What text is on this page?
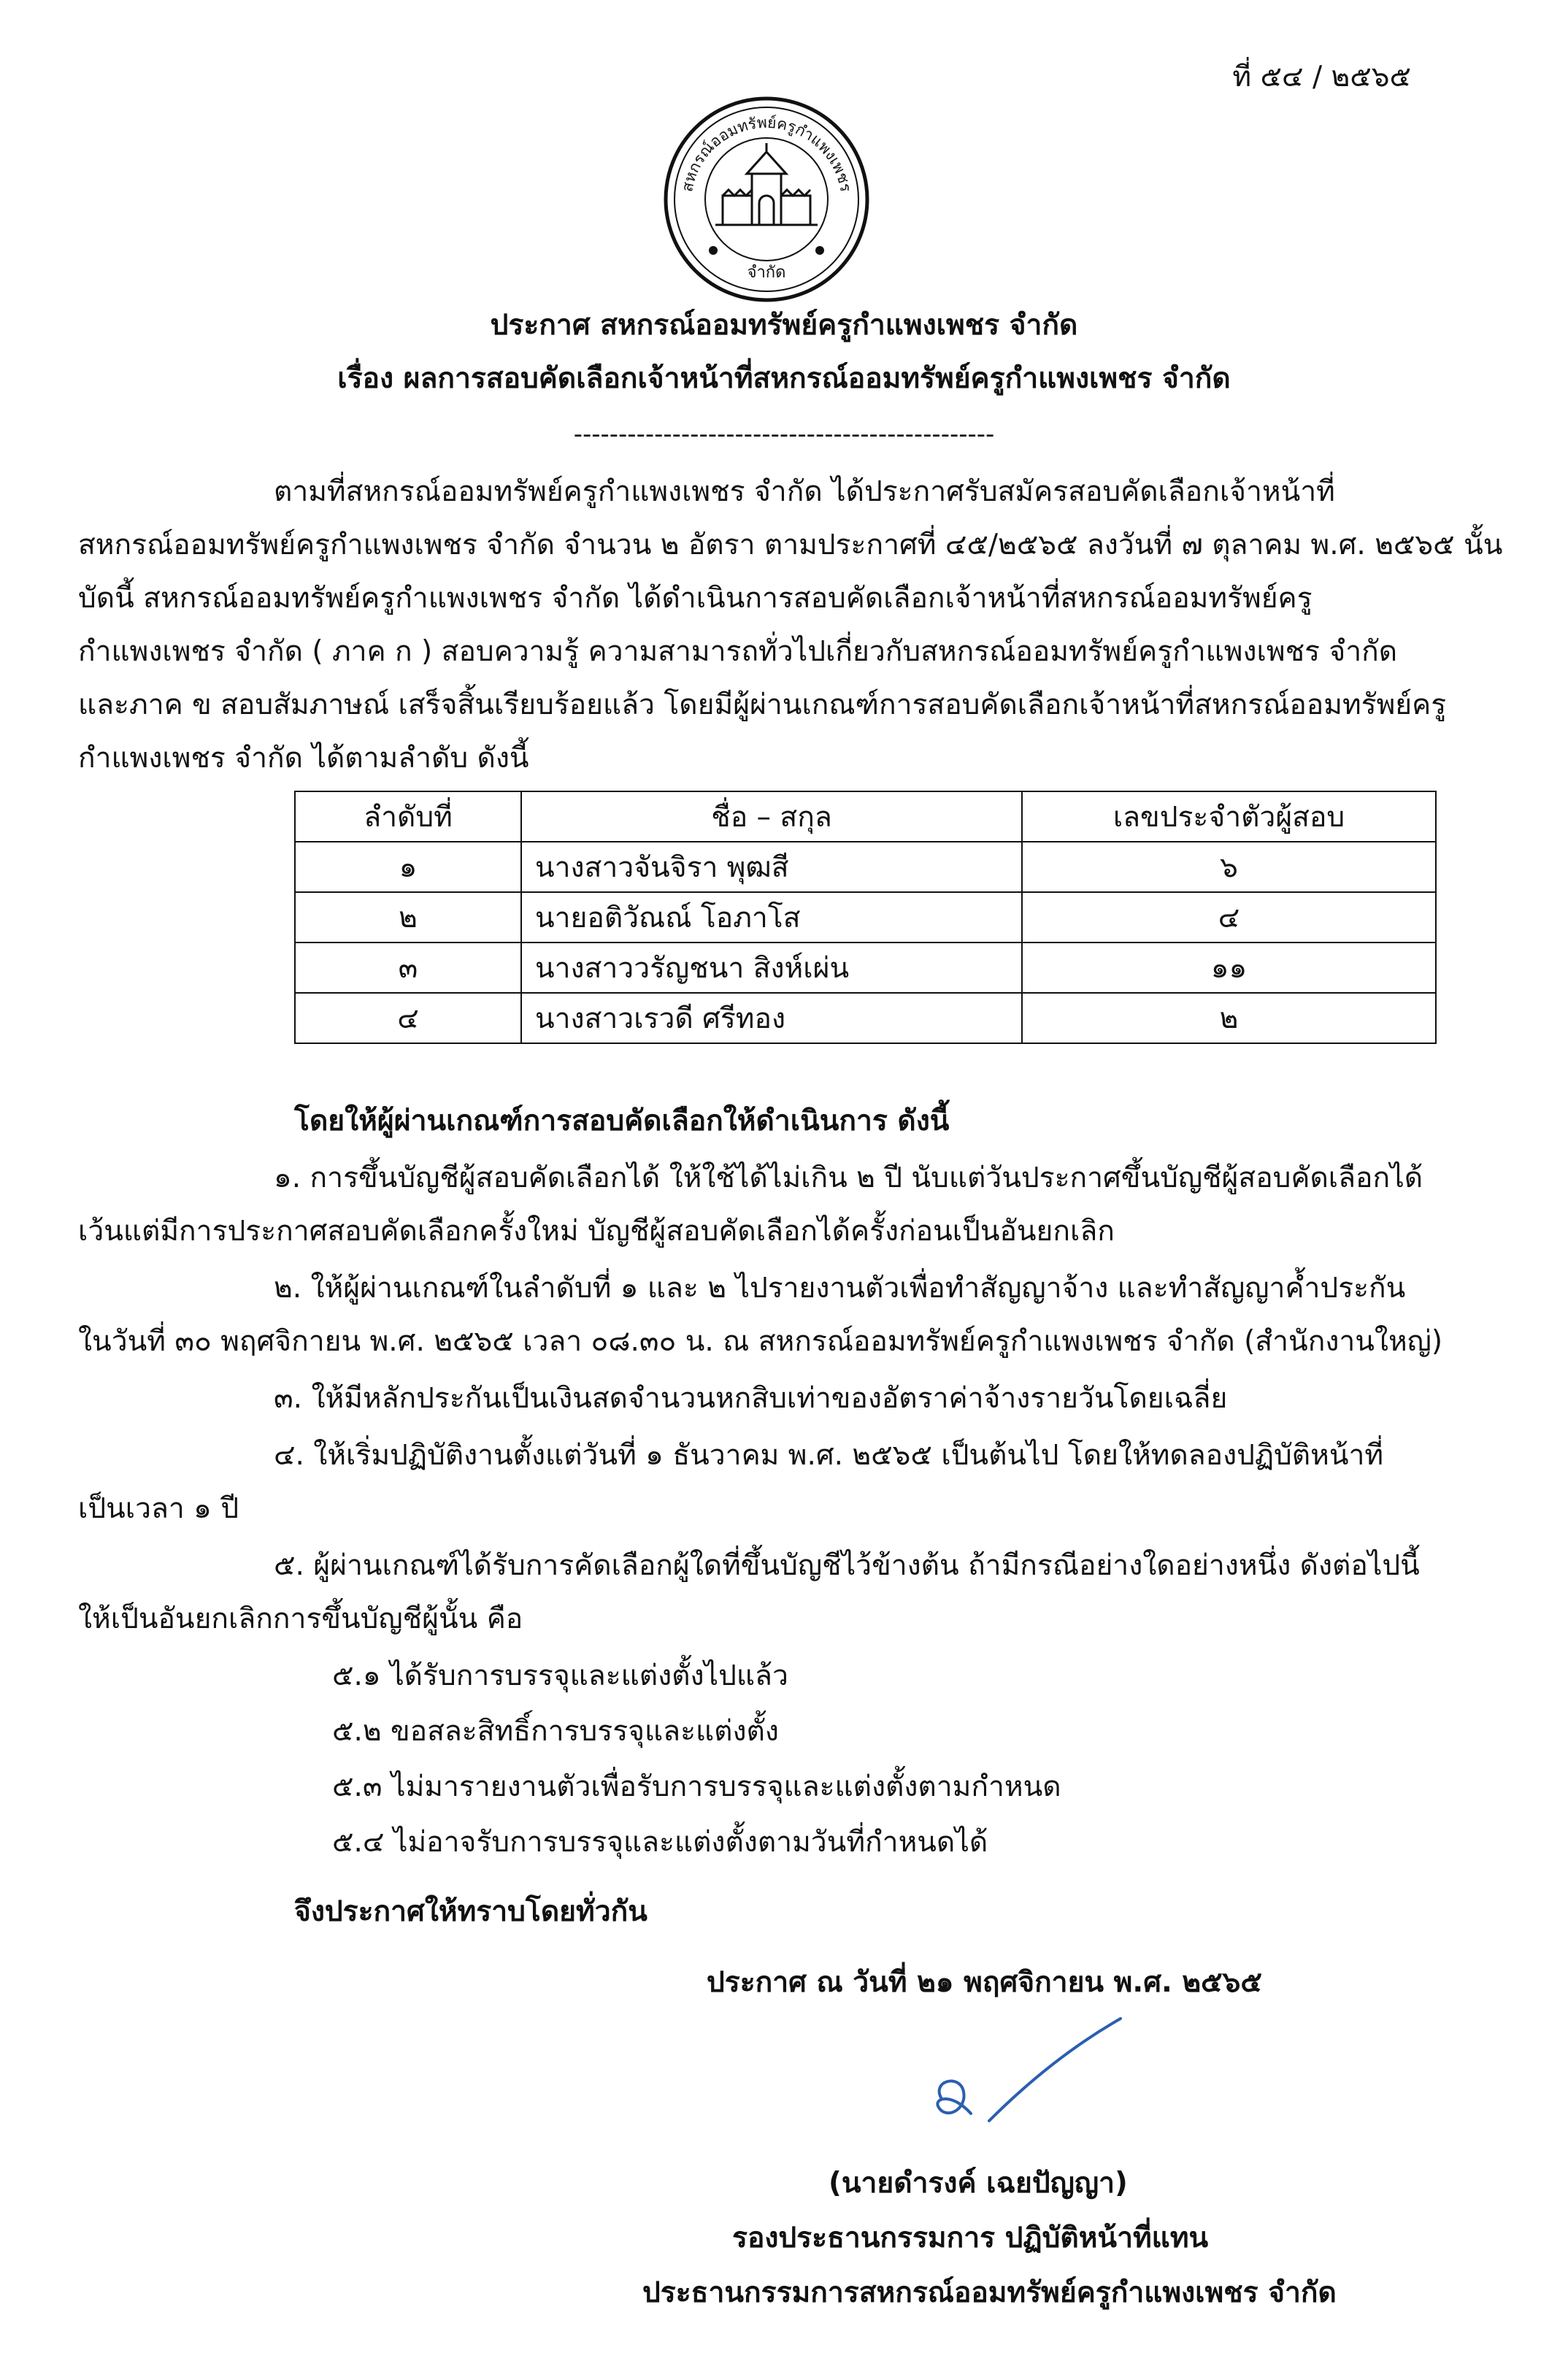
ที่ ๕๔ / ๒๕๖๕
สหกรณ์ออมทรัพย์ครูกำแพงเพชร
จำกัด
ประกาศ สหกรณ์ออมทรัพย์ครูกำแพงเพชร จำกัด
เรื่อง ผลการสอบคัดเลือกเจ้าหน้าที่สหกรณ์ออมทรัพย์ครูกำแพงเพชร จำกัด
-----------------------------------------------
ตามที่สหกรณ์ออมทรัพย์ครูกำแพงเพชร จำกัด ได้ประกาศรับสมัครสอบคัดเลือกเจ้าหน้าที่
สหกรณ์ออมทรัพย์ครูกำแพงเพชร จำกัด จำนวน ๒ อัตรา ตามประกาศที่ ๔๕/๒๕๖๕ ลงวันที่ ๗ ตุลาคม พ.ศ. ๒๕๖๕ นั้น
บัดนี้ สหกรณ์ออมทรัพย์ครูกำแพงเพชร จำกัด ได้ดำเนินการสอบคัดเลือกเจ้าหน้าที่สหกรณ์ออมทรัพย์ครู
กำแพงเพชร จำกัด ( ภาค ก ) สอบความรู้ ความสามารถทั่วไปเกี่ยวกับสหกรณ์ออมทรัพย์ครูกำแพงเพชร จำกัด
และภาค ข สอบสัมภาษณ์ เสร็จสิ้นเรียบร้อยแล้ว โดยมีผู้ผ่านเกณฑ์การสอบคัดเลือกเจ้าหน้าที่สหกรณ์ออมทรัพย์ครู
กำแพงเพชร จำกัด ได้ตามลำดับ ดังนี้
ลำดับที่	ชื่อ – สกุล	เลขประจำตัวผู้สอบ
๑	นางสาวจันจิรา พุฒสี	๖
๒	นายอติวัณณ์ โอภาโส	๔
๓	นางสาววรัญชนา สิงห์เผ่น	๑๑
๔	นางสาวเรวดี ศรีทอง	๒
โดยให้ผู้ผ่านเกณฑ์การสอบคัดเลือกให้ดำเนินการ ดังนี้
๑. การขึ้นบัญชีผู้สอบคัดเลือกได้ ให้ใช้ได้ไม่เกิน ๒ ปี นับแต่วันประกาศขึ้นบัญชีผู้สอบคัดเลือกได้
เว้นแต่มีการประกาศสอบคัดเลือกครั้งใหม่ บัญชีผู้สอบคัดเลือกได้ครั้งก่อนเป็นอันยกเลิก
๒. ให้ผู้ผ่านเกณฑ์ในลำดับที่ ๑ และ ๒ ไปรายงานตัวเพื่อทำสัญญาจ้าง และทำสัญญาค้ำประกัน
ในวันที่ ๓๐ พฤศจิกายน พ.ศ. ๒๕๖๕ เวลา ๐๘.๓๐ น. ณ สหกรณ์ออมทรัพย์ครูกำแพงเพชร จำกัด (สำนักงานใหญ่)
๓. ให้มีหลักประกันเป็นเงินสดจำนวนหกสิบเท่าของอัตราค่าจ้างรายวันโดยเฉลี่ย
๔. ให้เริ่มปฏิบัติงานตั้งแต่วันที่ ๑ ธันวาคม พ.ศ. ๒๕๖๕ เป็นต้นไป โดยให้ทดลองปฏิบัติหน้าที่
เป็นเวลา ๑ ปี
๕. ผู้ผ่านเกณฑ์ได้รับการคัดเลือกผู้ใดที่ขึ้นบัญชีไว้ข้างต้น ถ้ามีกรณีอย่างใดอย่างหนึ่ง ดังต่อไปนี้
ให้เป็นอันยกเลิกการขึ้นบัญชีผู้นั้น คือ
๕.๑ ได้รับการบรรจุและแต่งตั้งไปแล้ว
๕.๒ ขอสละสิทธิ์การบรรจุและแต่งตั้ง
๕.๓ ไม่มารายงานตัวเพื่อรับการบรรจุและแต่งตั้งตามกำหนด
๕.๔ ไม่อาจรับการบรรจุและแต่งตั้งตามวันที่กำหนดได้
จึงประกาศให้ทราบโดยทั่วกัน
ประกาศ ณ วันที่ ๒๑ พฤศจิกายน พ.ศ. ๒๕๖๕
(นายดำรงค์ เฉยปัญญา)
รองประธานกรรมการ ปฏิบัติหน้าที่แทน
ประธานกรรมการสหกรณ์ออมทรัพย์ครูกำแพงเพชร จำกัด
